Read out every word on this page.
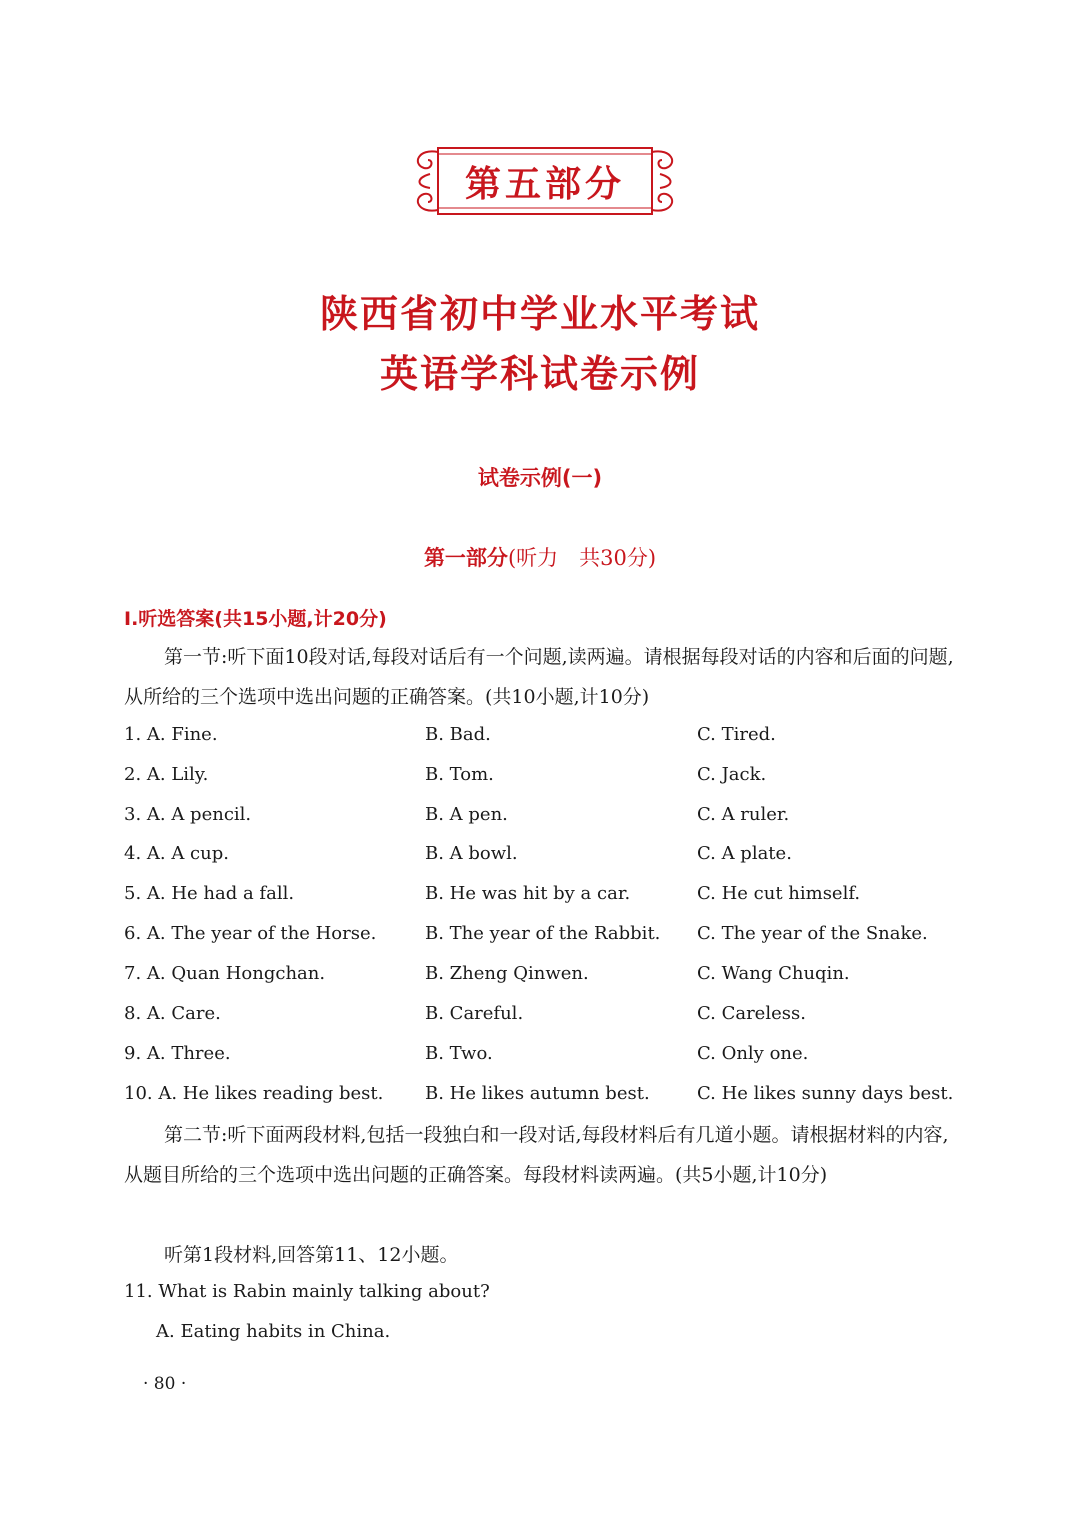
第五部分
陕西省初中学业水平考试
英语学科试卷示例
试卷示例(一)
第一部分(听力　共30分)
Ⅰ.听选答案(共15小题,计20分)
第一节:听下面10段对话,每段对话后有一个问题,读两遍。请根据每段对话的内容和后面的问题,从所给的三个选项中选出问题的正确答案。(共10小题,计10分)
1. A. Fine.	B. Bad.	C. Tired.
2. A. Lily.	B. Tom.	C. Jack.
3. A. A pencil.	B. A pen.	C. A ruler.
4. A. A cup.	B. A bowl.	C. A plate.
5. A. He had a fall.	B. He was hit by a car.	C. He cut himself.
6. A. The year of the Horse.	B. The year of the Rabbit. C. The year of the Snake.
7. A. Quan Hongchan.	B. Zheng Qinwen.	C. Wang Chuqin.
8. A. Care.	B. Careful.	C. Careless.
9. A. Three.	B. Two.	C. Only one.
10. A. He likes reading best. B. He likes autumn best.	C. He likes sunny days best.
第二节:听下面两段材料,包括一段独白和一段对话,每段材料后有几道小题。请根据材料的内容,从题目所给的三个选项中选出问题的正确答案。每段材料读两遍。(共5小题,计10分)
听第1段材料,回答第11、12小题。
11. What is Rabin mainly talking about?
A. Eating habits in China.
· 80 ·
